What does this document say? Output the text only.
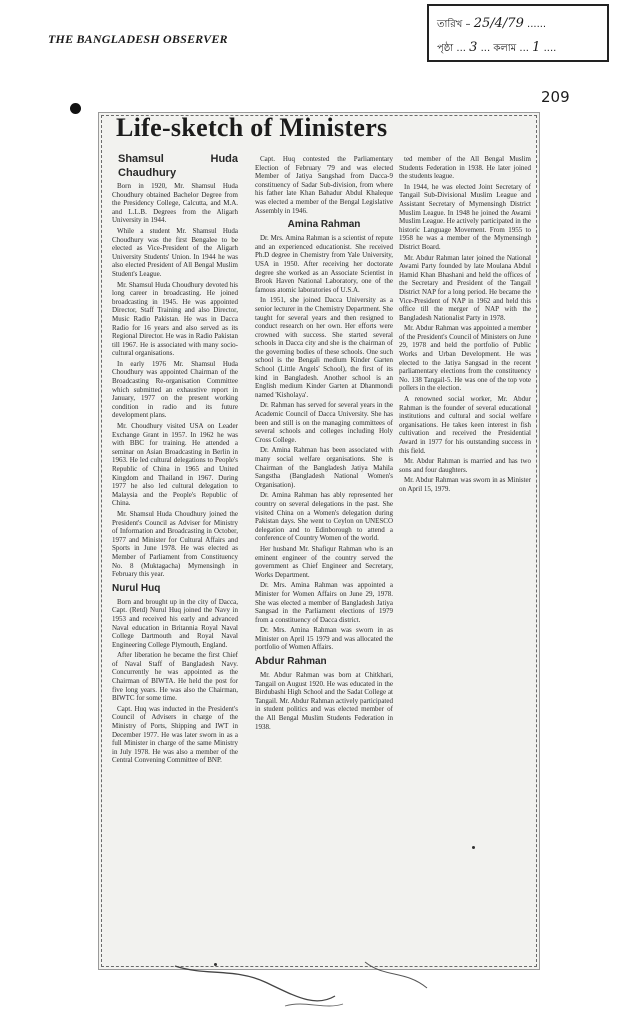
THE BANGLADESH OBSERVER
তারিখ – 25/4/79 ......
পৃষ্ঠা ... 3 ... কলাম ... 1 ....
209
Life-sketch of Ministers
Shamsul Huda Chaudhury

Born in 1920, Mr. Shamsul Huda Choudhury obtained Bachelor Degree from the Presidency College, Calcutta, and M.A. and L.L.B. Degrees from the Aligarh University in 1944.

While a student Mr. Shamsul Huda Choudhury was the first Bengalee to be elected as Vice-President of the Aligarh University Students' Union. In 1944 he was also elected President of All Bengal Muslim Student's League.

Mr. Shamsul Huda Choudhury devoted his long career in broadcasting. He joined broadcasting in 1945. He was appointed Director, Staff Training and also Director, Music Radio Pakistan. He was in Dacca Radio for 16 years and also served as its Regional Director. He was in Radio Pakistan till 1967. He is associated with many socio-cultural organisations.

In early 1976 Mr. Shamsul Huda Choudhury was appointed Chairman of the Broadcasting Re-organisation Committee which submitted an exhaustive report in January, 1977 on the present working condition in radio and its future development plans.

Mr. Choudhury visited USA on Leader Exchange Grant in 1957. In 1962 he was with BBC for training. He attended a seminar on Asian Broadcasting in Berlin in 1963. He led cultural delegations to People's Republic of China in 1965 and United Kingdom and Thailand in 1967. During 1977 he also led cultural delegation to Malaysia and the People's Republic of China.

Mr. Shamsul Huda Choudhury joined the President's Council as Adviser for Ministry of Information and Broadcasting in October, 1977 and Minister for Cultural Affairs and Sports in June 1978. He was elected as Member of Parliament from Constituency No. 8 (Muktagacha) Mymensingh in February this year.

Nurul Huq

Born and brought up in the city of Dacca, Capt. (Retd) Nurul Huq joined the Navy in 1953 and received his early and advanced Naval education in Britannia Royal Naval College Dartmouth and Royal Naval Engineering College Plymouth, England.

After liberation he became the first Chief of Naval Staff of Bangladesh Navy. Concurrently he was appointed as the Chairman of BIWTA. He held the post for five long years. He was also the Chairman, BIWTC for some time.

Capt. Huq was inducted in the President's Council of Advisers in charge of the Ministry of Ports, Shipping and IWT in December 1977. He was later sworn in as a full Minister in charge of the same Ministry in July 1978. He was also a member of the Central Convening Committee of BNP.

Capt. Huq contested the Parliamentary Election of February '79 and was elected Member of Jatiya Sangshad from Dacca-9 constituency of Sadar Sub-division, from where his father late Khan Bahadur Abdul Khaleque was elected a member of the Bengal Legislative Assembly in 1946.

Amina Rahman

Dr. Mrs. Amina Rahman is a scientist of repute and an experienced educationist. She received Ph.D degree in Chemistry from Yale University, USA in 1950. After receiving her doctorate degree she worked as an Associate Scientist in Brook Haven National Laboratory, one of the famous atomic laboratories of U.S.A.

In 1951, she joined Dacca University as a senior lecturer in the Chemistry Department. She taught for several years and then resigned to conduct research on her own. Her efforts were crowned with success. She started several schools in Dacca city and she is the chairman of the governing bodies of these schools. One such school is the Bengali medium Kinder Garten School (Little Angels' School), the first of its kind in Bangladesh. Another school is an English medium Kinder Garten at Dhanmondi named 'Kisholaya'.

Dr. Rahman has served for several years in the Academic Council of Dacca University. She has been and still is on the managing committees of several schools and colleges including Holy Cross College.

Dr. Amina Rahman has been associated with many social welfare organisations. She is Chairman of the Bangladesh Jatiya Mahila Sangstha (Bangladesh National Women's Organisation).

Dr. Amina Rahman has ably represented her country on several delegations in the past. She visited China on a Women's delegation during Pakistan days. She went to Ceylon on UNESCO delegation and to Edinborough to attend a conference of Country Women of the world.

Her husband Mr. Shafiqur Rahman who is an eminent engineer of the country served the government as Chief Engineer and Secretary, Works Department.

Dr. Mrs. Amina Rahman was appointed a Minister for Women Affairs on June 29, 1978. She was elected a member of Bangladesh Jatiya Sangsad in the Parliament elections of 1979 from a constituency of Dacca district.

Dr. Mrs. Amina Rahman was sworn in as Minister on April 15 1979 and was allocated the portfolio of Women Affairs.

Abdur Rahman

Mr. Abdur Rahman was born at Chitkhari, Tangail on August 1920. He was educated in the Birdubashi High School and the Sadat College at Tangail. Mr. Abdur Rahman actively participated in student politics and was elected member of the All Bengal Muslim Students Federation in 1938.

ted member of the All Bengal Muslim Students Federation in 1938. He later joined the students league.

In 1944, he was elected Joint Secretary of Tangail Sub-Divisional Muslim League and Assistant Secretary of Mymensingh District Muslim League. In 1948 he joined the Awami Muslim League. He actively participated in the historic Language Movement. From 1955 to 1958 he was a member of the Mymensingh District Board.

Mr. Abdur Rahman later joined the National Awami Party founded by late Moulana Abdul Hamid Khan Bhashani and held the offices of the Secretary and President of the Tangail District NAP for a long period. He became the Vice-President of NAP in 1962 and held this office till the merger of NAP with the Bangladesh Nationalist Party in 1978.

Mr. Abdur Rahman was appointed a member of the President's Council of Ministers on June 29, 1978 and held the portfolio of Public Works and Urban Development. He was elected to the Jatiya Sangsad in the recent parliamentary elections from the constituency No. 138 Tangail-5. He was one of the top vote pollers in the election.

A renowned social worker, Mr. Abdur Rahman is the founder of several educational institutions and cultural and social welfare organisations. He takes keen interest in fish cultivation and received the Presidential Award in 1977 for his outstanding success in this field.

Mr. Abdur Rahman is married and has two sons and four daughters.

Mr. Abdur Rahman was sworn in as Minister on April 15, 1979.
